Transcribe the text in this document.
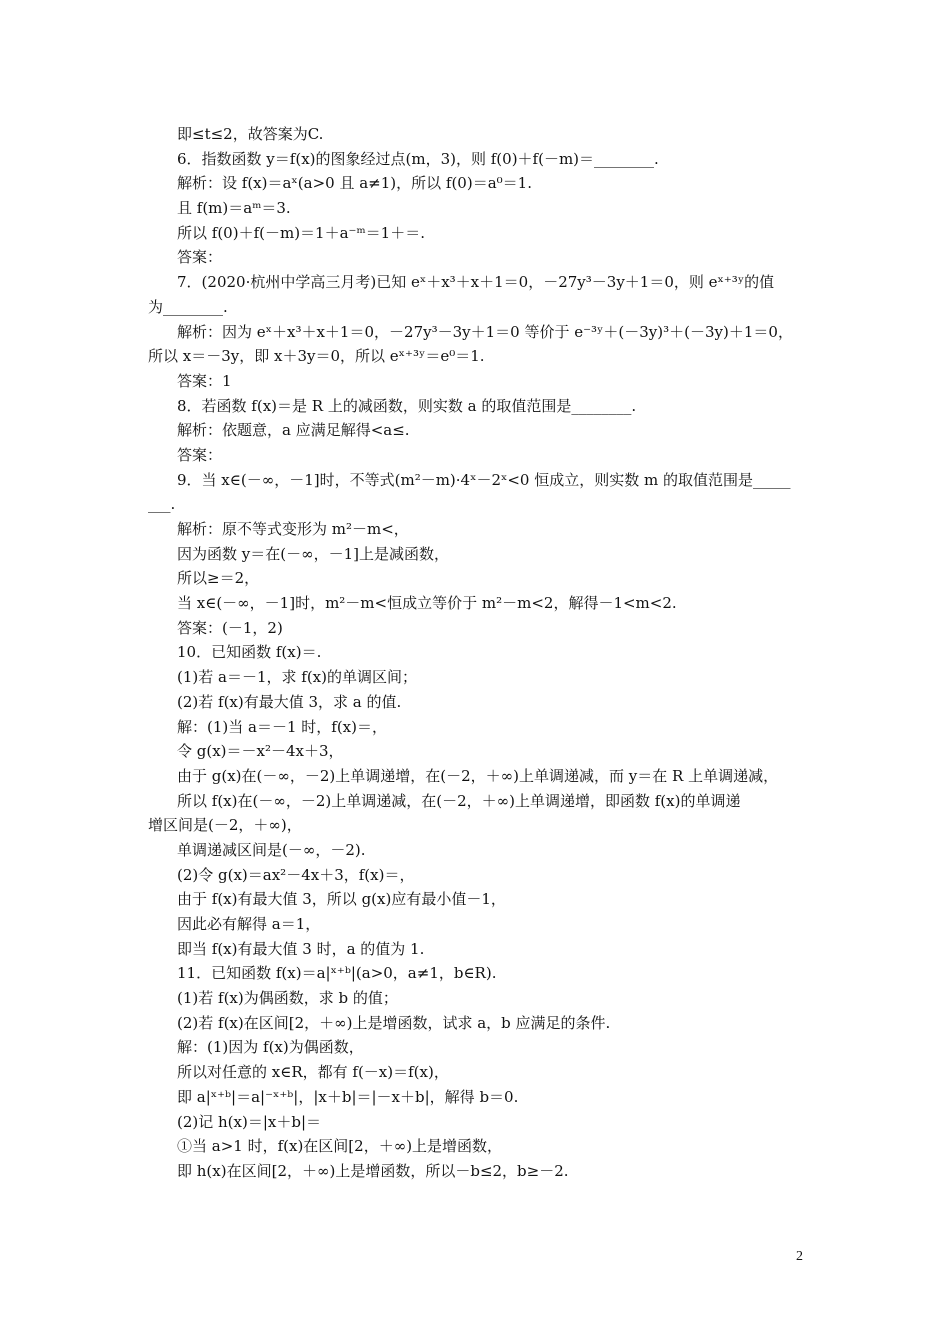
即≤t≤2，故答案为C.
6．指数函数 y＝f(x)的图象经过点(m，3)，则 f(0)＋f(－m)＝________.
解析：设 f(x)＝aˣ(a>0 且 a≠1)，所以 f(0)＝a⁰＝1.
且 f(m)＝aᵐ＝3.
所以 f(0)＋f(－m)＝1＋a⁻ᵐ＝1＋＝.
答案：
7．(2020·杭州中学高三月考)已知 eˣ＋x³＋x＋1＝0，－27y³－3y＋1＝0，则 eˣ⁺³ʸ的值
为________.
解析：因为 eˣ＋x³＋x＋1＝0，－27y³－3y＋1＝0 等价于 e⁻³ʸ＋(－3y)³＋(－3y)＋1＝0，
所以 x＝－3y，即 x＋3y＝0，所以 eˣ⁺³ʸ＝e⁰＝1.
答案：1
8．若函数 f(x)＝是 R 上的减函数，则实数 a 的取值范围是________.
解析：依题意，a 应满足解得<a≤.
答案：
9．当 x∈(－∞，－1]时，不等式(m²－m)·4ˣ－2ˣ<0 恒成立，则实数 m 的取值范围是_____
___.
解析：原不等式变形为 m²－m<，
因为函数 y＝在(－∞，－1]上是减函数，
所以≥＝2，
当 x∈(－∞，－1]时，m²－m<恒成立等价于 m²－m<2，解得－1<m<2.
答案：(－1，2)
10．已知函数 f(x)＝.
(1)若 a＝－1，求 f(x)的单调区间；
(2)若 f(x)有最大值 3，求 a 的值.
解：(1)当 a＝－1 时，f(x)＝，
令 g(x)＝－x²－4x＋3，
由于 g(x)在(－∞，－2)上单调递增，在(－2，＋∞)上单调递减，而 y＝在 R 上单调递减，
所以 f(x)在(－∞，－2)上单调递减，在(－2，＋∞)上单调递增，即函数 f(x)的单调递
增区间是(－2，＋∞)，
单调递减区间是(－∞，－2).
(2)令 g(x)＝ax²－4x＋3，f(x)＝，
由于 f(x)有最大值 3，所以 g(x)应有最小值－1，
因此必有解得 a＝1，
即当 f(x)有最大值 3 时，a 的值为 1.
11．已知函数 f(x)＝a|ˣ⁺ᵇ|(a>0，a≠1，b∈R).
(1)若 f(x)为偶函数，求 b 的值；
(2)若 f(x)在区间[2，＋∞)上是增函数，试求 a，b 应满足的条件.
解：(1)因为 f(x)为偶函数，
所以对任意的 x∈R，都有 f(－x)＝f(x)，
即 a|ˣ⁺ᵇ|＝a|⁻ˣ⁺ᵇ|，|x＋b|＝|－x＋b|，解得 b＝0.
(2)记 h(x)＝|x＋b|＝
①当 a>1 时，f(x)在区间[2，＋∞)上是增函数，
即 h(x)在区间[2，＋∞)上是增函数，所以－b≤2，b≥－2.
2
